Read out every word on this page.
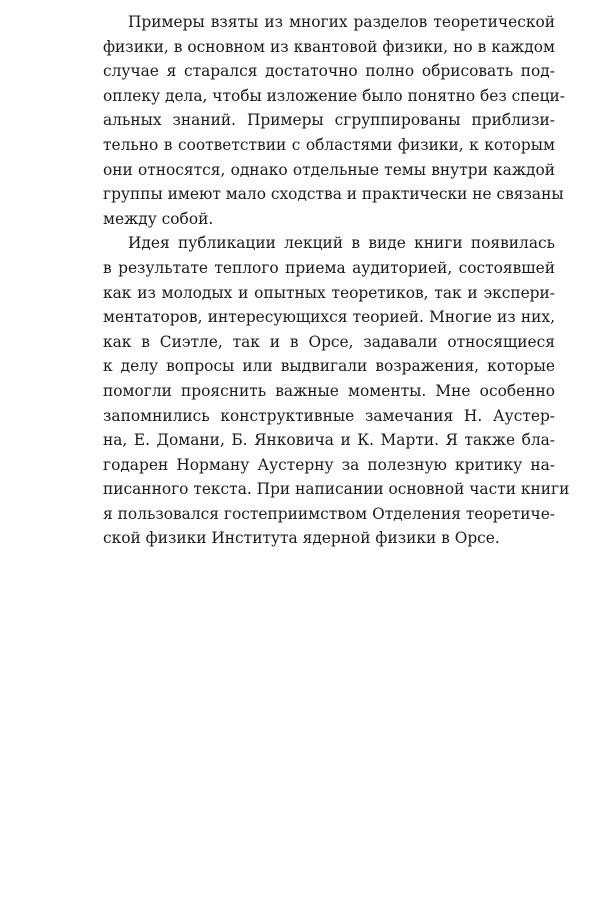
Примеры взяты из многих разделов теоретической
физики, в основном из квантовой физики, но в каждом
случае я старался достаточно полно обрисовать под-
оплеку дела, чтобы изложение было понятно без специ-
альных знаний. Примеры сгруппированы приблизи-
тельно в соответствии с областями физики, к которым
они относятся, однако отдельные темы внутри каждой
группы имеют мало сходства и практически не связаны
между собой.
Идея публикации лекций в виде книги появилась
в результате теплого приема аудиторией, состоявшей
как из молодых и опытных теоретиков, так и экспери-
ментаторов, интересующихся теорией. Многие из них,
как в Сиэтле, так и в Орсе, задавали относящиеся
к делу вопросы или выдвигали возражения, которые
помогли прояснить важные моменты. Мне особенно
запомнились конструктивные замечания Н. Аустер-
на, Е. Домани, Б. Янковича и К. Марти. Я также бла-
годарен Норману Аустерну за полезную критику на-
писанного текста. При написании основной части книги
я пользовался гостеприимством Отделения теоретиче-
ской физики Института ядерной физики в Орсе.
